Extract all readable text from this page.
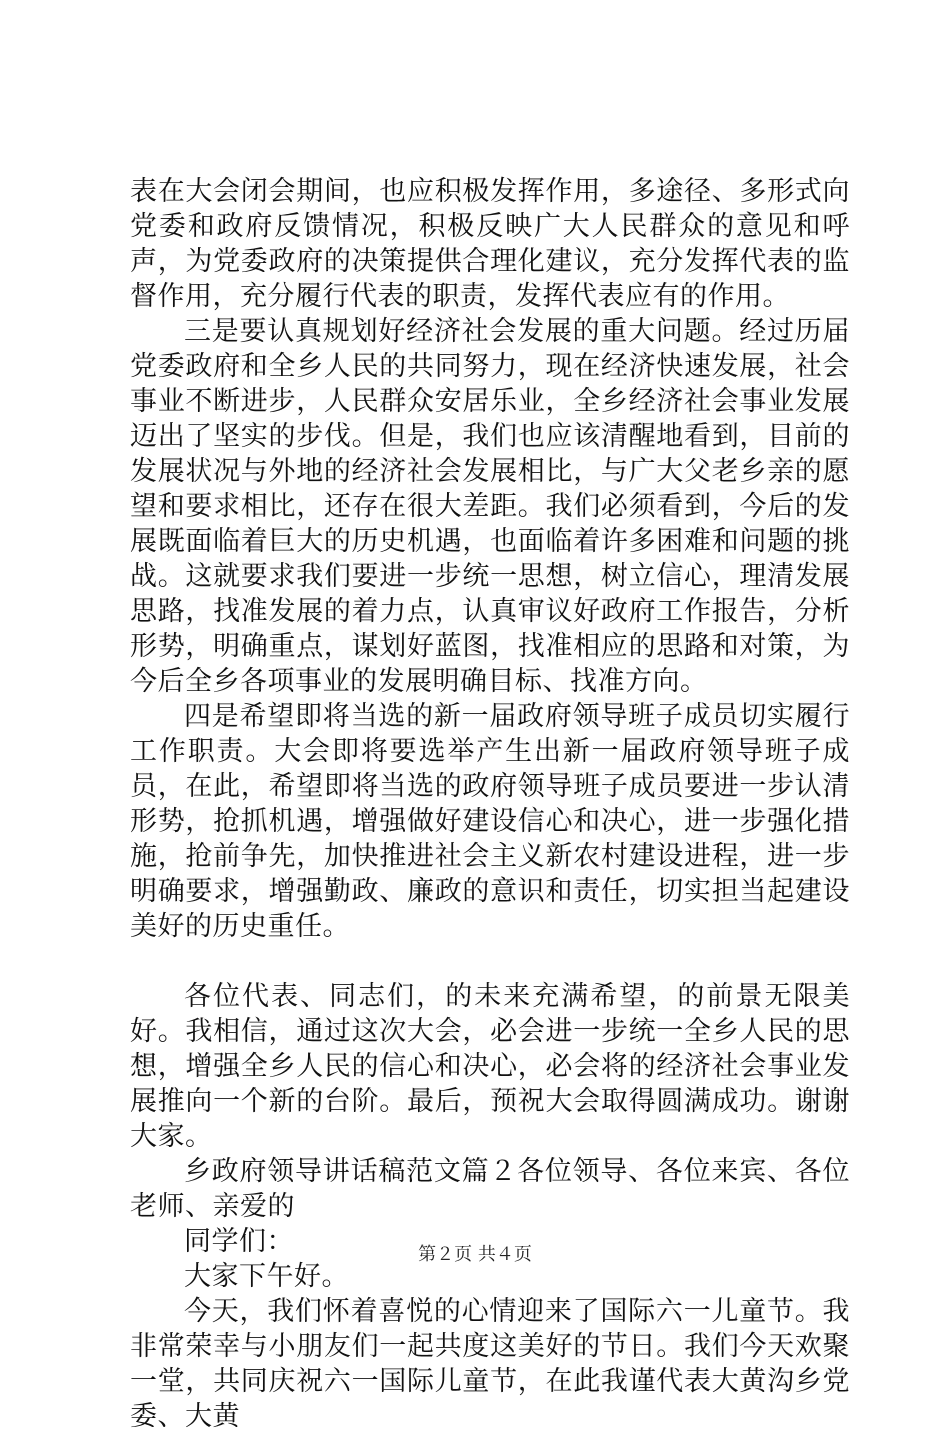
表在大会闭会期间，也应积极发挥作用，多途径、多形式向党委和政府反馈情况，积极反映广大人民群众的意见和呼声，为党委政府的决策提供合理化建议，充分发挥代表的监督作用，充分履行代表的职责，发挥代表应有的作用。

三是要认真规划好经济社会发展的重大问题。经过历届党委政府和全乡人民的共同努力，现在经济快速发展，社会事业不断进步，人民群众安居乐业，全乡经济社会事业发展迈出了坚实的步伐。但是，我们也应该清醒地看到，目前的发展状况与外地的经济社会发展相比，与广大父老乡亲的愿望和要求相比，还存在很大差距。我们必须看到，今后的发展既面临着巨大的历史机遇，也面临着许多困难和问题的挑战。这就要求我们要进一步统一思想，树立信心，理清发展思路，找准发展的着力点，认真审议好政府工作报告，分析形势，明确重点，谋划好蓝图，找准相应的思路和对策，为今后全乡各项事业的发展明确目标、找准方向。

四是希望即将当选的新一届政府领导班子成员切实履行工作职责。大会即将要选举产生出新一届政府领导班子成员，在此，希望即将当选的政府领导班子成员要进一步认清形势，抢抓机遇，增强做好建设信心和决心，进一步强化措施，抢前争先，加快推进社会主义新农村建设进程，进一步明确要求，增强勤政、廉政的意识和责任，切实担当起建设美好的历史重任。

各位代表、同志们，的未来充满希望，的前景无限美好。我相信，通过这次大会，必会进一步统一全乡人民的思想，增强全乡人民的信心和决心，必会将的经济社会事业发展推向一个新的台阶。最后，预祝大会取得圆满成功。谢谢大家。

乡政府领导讲话稿范文篇２各位领导、各位来宾、各位老师、亲爱的

同学们：

大家下午好。

今天，我们怀着喜悦的心情迎来了国际六一儿童节。我非常荣幸与小朋友们一起共度这美好的节日。我们今天欢聚一堂，共同庆祝六一国际儿童节，在此我谨代表大黄沟乡党委、大黄

第２页 共４页
